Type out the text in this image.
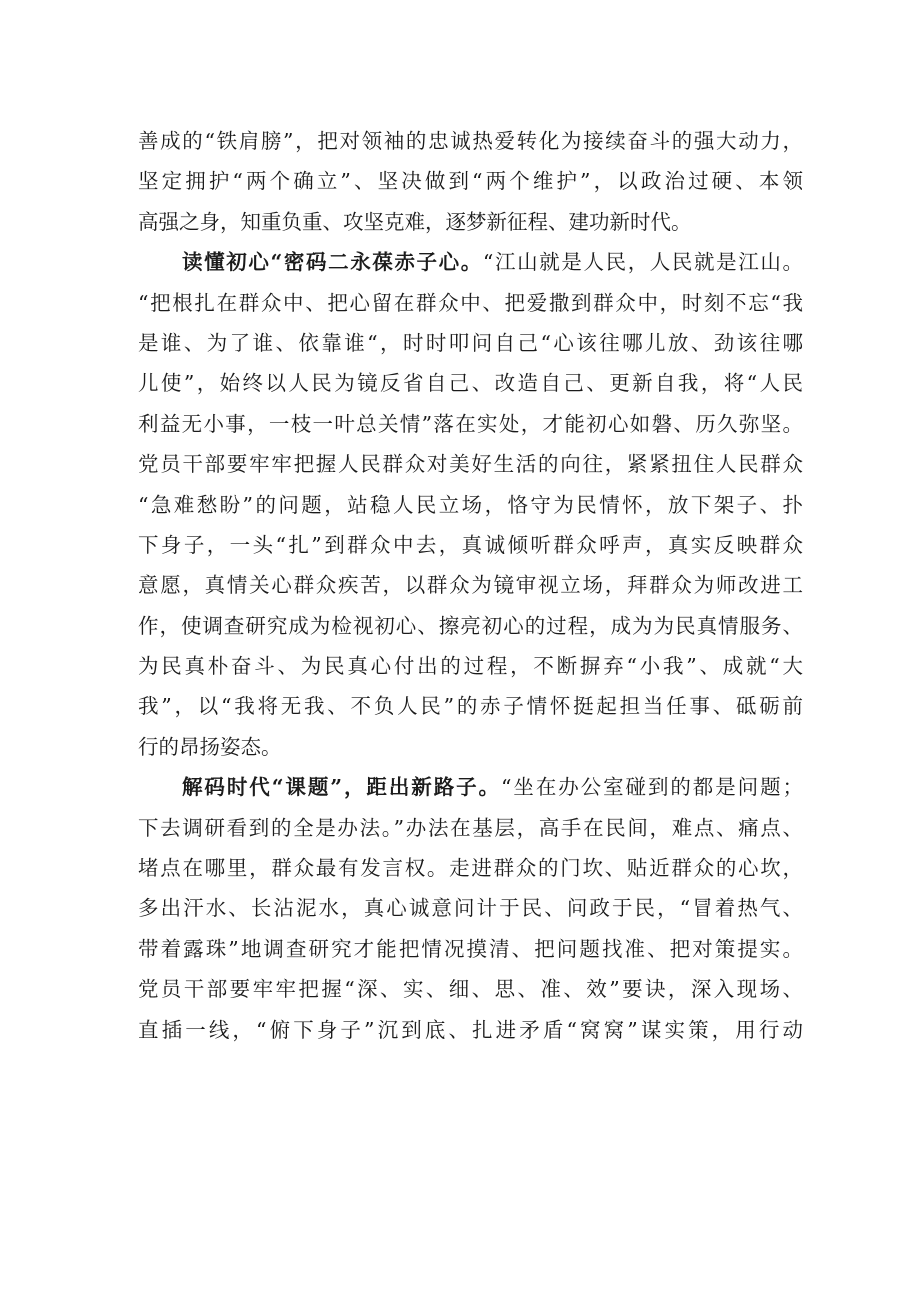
善成的“铁肩膀”，把对领袖的忠诚热爱转化为接续奋斗的强大动力，
坚定拥护“两个确立”、坚决做到“两个维护”，以政治过硬、本领
高强之身，知重负重、攻坚克难，逐梦新征程、建功新时代。
读懂初心“密码二永葆赤子心。“江山就是人民，人民就是江山。
“把根扎在群众中、把心留在群众中、把爱撒到群众中，时刻不忘“我
是谁、为了谁、依靠谁“，时时叩问自己“心该往哪儿放、劲该往哪
儿使”，始终以人民为镜反省自己、改造自己、更新自我，将“人民
利益无小事，一枝一叶总关情”落在实处，才能初心如磐、历久弥坚。
党员干部要牢牢把握人民群众对美好生活的向往，紧紧扭住人民群众
“急难愁盼”的问题，站稳人民立场，恪守为民情怀，放下架子、扑
下身子，一头“扎”到群众中去，真诚倾听群众呼声，真实反映群众
意愿，真情关心群众疾苦，以群众为镜审视立场，拜群众为师改进工
作，使调查研究成为检视初心、擦亮初心的过程，成为为民真情服务、
为民真朴奋斗、为民真心付出的过程，不断摒弃“小我”、成就“大
我”，以“我将无我、不负人民”的赤子情怀挺起担当任事、砥砺前
行的昂扬姿态。
解码时代“课题”，距出新路子。“坐在办公室碰到的都是问题；
下去调研看到的全是办法。”办法在基层，高手在民间，难点、痛点、
堵点在哪里，群众最有发言权。走进群众的门坎、贴近群众的心坎，
多出汗水、长沾泥水，真心诚意问计于民、问政于民，“冒着热气、
带着露珠”地调查研究才能把情况摸清、把问题找准、把对策提实。
党员干部要牢牢把握“深、实、细、思、准、效”要诀，深入现场、
直插一线，“俯下身子”沉到底、扎进矛盾“窝窝”谋实策，用行动
